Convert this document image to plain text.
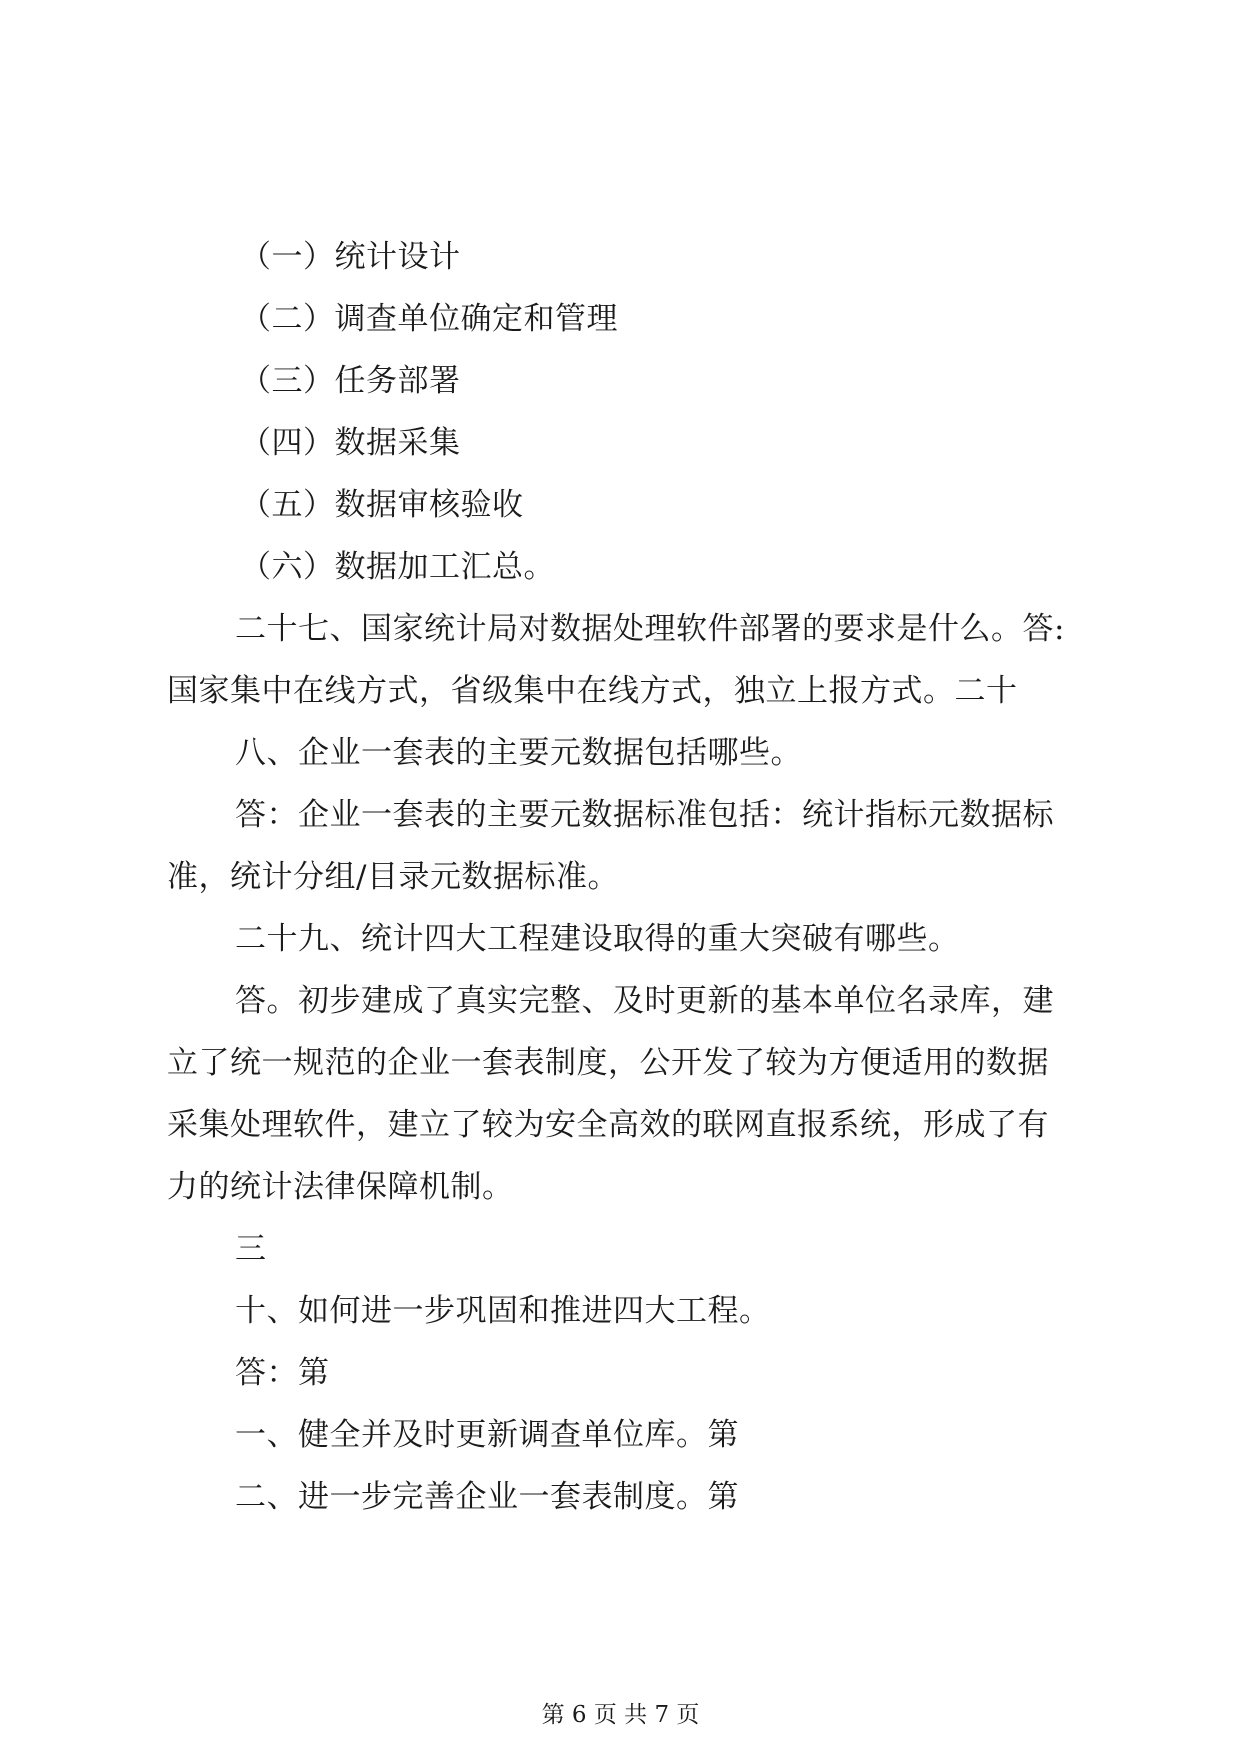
（一）统计设计
（二）调查单位确定和管理
（三）任务部署
（四）数据采集
（五）数据审核验收
（六）数据加工汇总。
二十七、国家统计局对数据处理软件部署的要求是什么。答:
国家集中在线方式，省级集中在线方式，独立上报方式。二十
八、企业一套表的主要元数据包括哪些。
答：企业一套表的主要元数据标准包括：统计指标元数据标
准，统计分组/目录元数据标准。
二十九、统计四大工程建设取得的重大突破有哪些。
答。初步建成了真实完整、及时更新的基本单位名录库，建
立了统一规范的企业一套表制度，公开发了较为方便适用的数据
采集处理软件，建立了较为安全高效的联网直报系统，形成了有
力的统计法律保障机制。
三
十、如何进一步巩固和推进四大工程。
答：第
一、健全并及时更新调查单位库。第
二、进一步完善企业一套表制度。第
第 6 页 共 7 页
